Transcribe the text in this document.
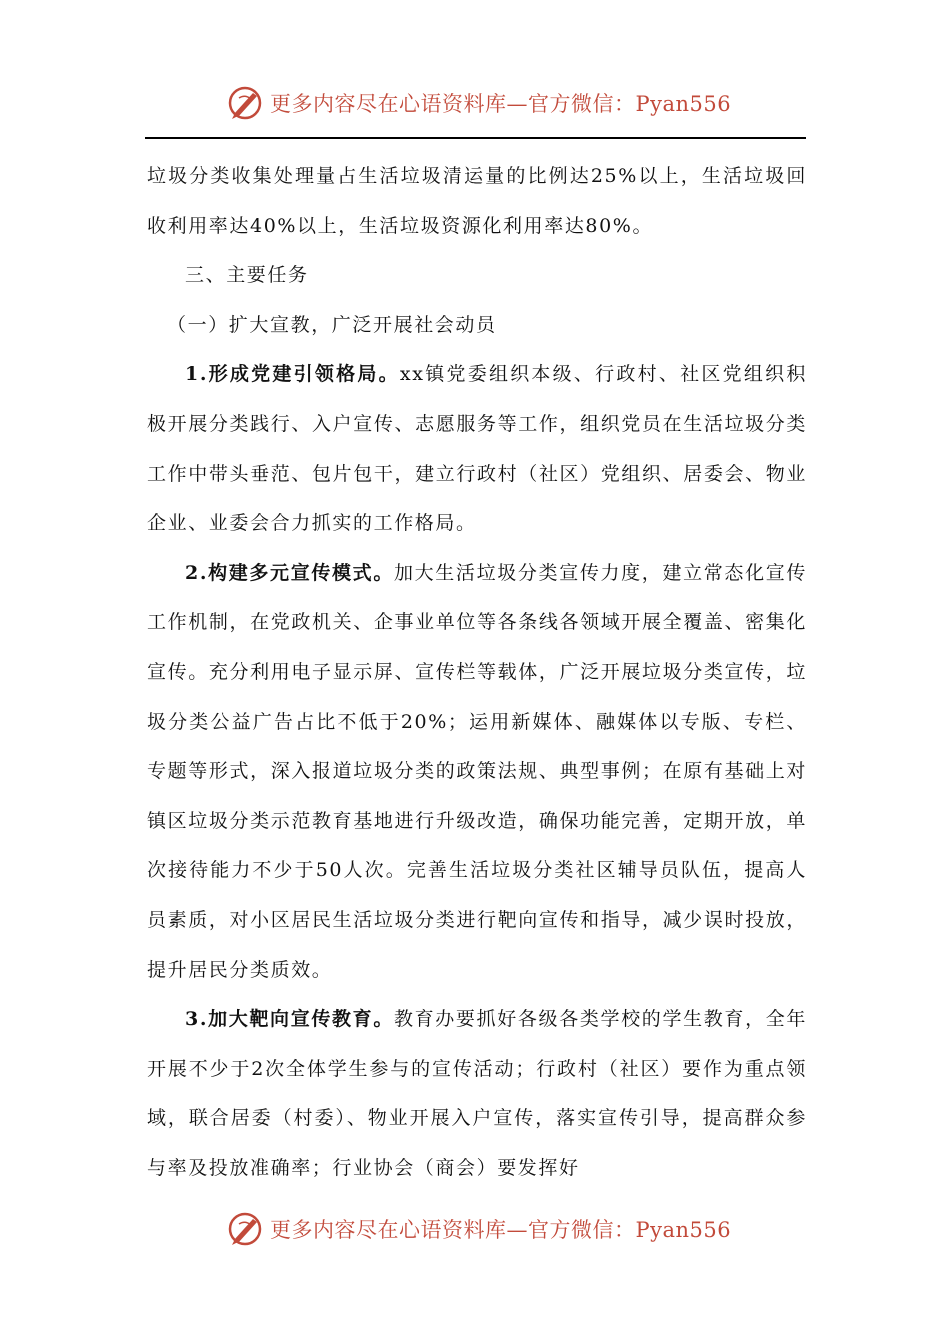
更多内容尽在心语资料库—官方微信：Pyan556

垃圾分类收集处理量占生活垃圾清运量的比例达25%以上，生活垃圾回收利用率达40%以上，生活垃圾资源化利用率达80%。

三、主要任务

（一）扩大宣教，广泛开展社会动员

1.形成党建引领格局。xx镇党委组织本级、行政村、社区党组织积极开展分类践行、入户宣传、志愿服务等工作，组织党员在生活垃圾分类工作中带头垂范、包片包干，建立行政村（社区）党组织、居委会、物业企业、业委会合力抓实的工作格局。

2.构建多元宣传模式。加大生活垃圾分类宣传力度，建立常态化宣传工作机制，在党政机关、企事业单位等各条线各领域开展全覆盖、密集化宣传。充分利用电子显示屏、宣传栏等载体，广泛开展垃圾分类宣传，垃圾分类公益广告占比不低于20%；运用新媒体、融媒体以专版、专栏、专题等形式，深入报道垃圾分类的政策法规、典型事例；在原有基础上对镇区垃圾分类示范教育基地进行升级改造，确保功能完善，定期开放，单次接待能力不少于50人次。完善生活垃圾分类社区辅导员队伍，提高人员素质，对小区居民生活垃圾分类进行靶向宣传和指导，减少误时投放，提升居民分类质效。

3.加大靶向宣传教育。教育办要抓好各级各类学校的学生教育，全年开展不少于2次全体学生参与的宣传活动；行政村（社区）要作为重点领域，联合居委（村委）、物业开展入户宣传，落实宣传引导，提高群众参与率及投放准确率；行业协会（商会）要发挥好

更多内容尽在心语资料库—官方微信：Pyan556
